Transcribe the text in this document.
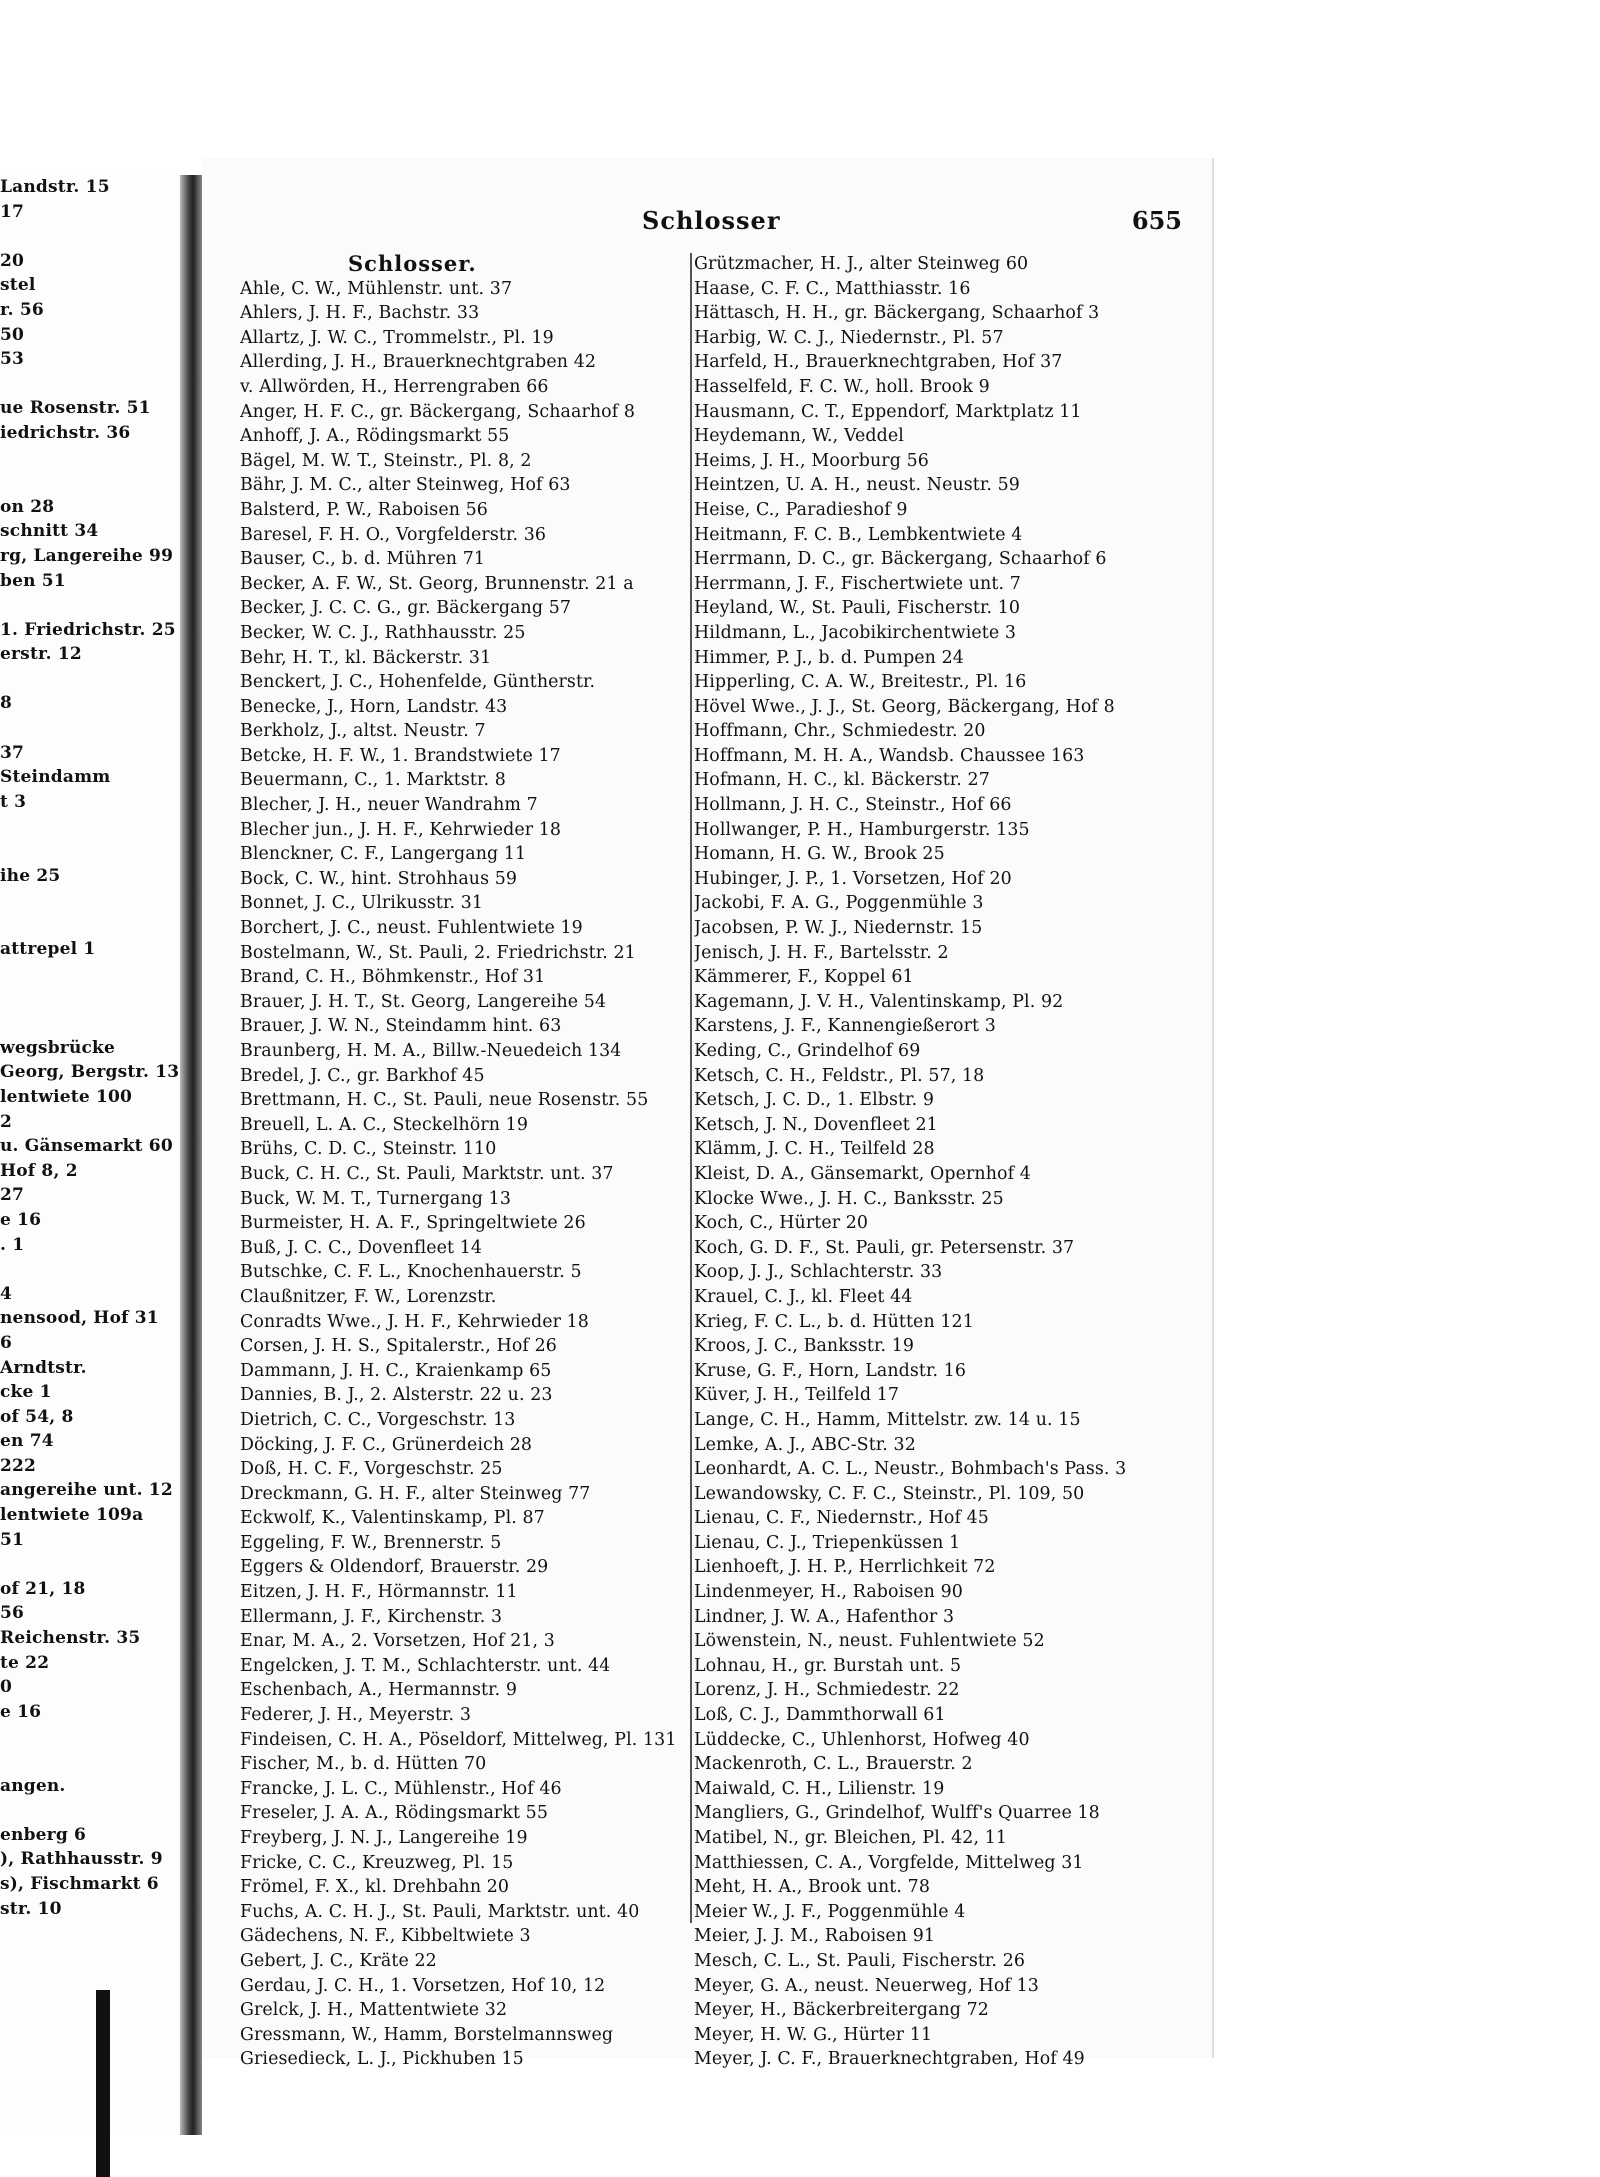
Landstr. 15
17
20
stel
r. 56
50
53
ue Rosenstr. 51
iedrichstr. 36
on 28
schnitt 34
rg, Langereihe 99
ben 51
1. Friedrichstr. 25
erstr. 12
8
37
Steindamm
t 3
ihe 25
attrepel 1
wegsbrücke
Georg, Bergstr. 13
lentwiete 100
2
u. Gänsemarkt 60
Hof 8, 2
27
e 16
. 1
4
nensood, Hof 31
6
Arndtstr.
cke 1
of 54, 8
en 74
222
angereihe unt. 12
lentwiete 109a
51
of 21, 18
56
Reichenstr. 35
te 22
0
e 16
angen.
enberg 6
), Rathhausstr. 9
s), Fischmarkt 6
str. 10
Schlosser	655
Schlosser.
Ahle, C. W., Mühlenstr. unt. 37
Ahlers, J. H. F., Bachstr. 33
Allartz, J. W. C., Trommelstr., Pl. 19
Allerding, J. H., Brauerknechtgraben 42
v. Allwörden, H., Herrengraben 66
Anger, H. F. C., gr. Bäckergang, Schaarhof 8
Anhoff, J. A., Rödingsmarkt 55
Bägel, M. W. T., Steinstr., Pl. 8, 2
Bähr, J. M. C., alter Steinweg, Hof 63
Balsterd, P. W., Raboisen 56
Baresel, F. H. O., Vorgfelderstr. 36
Bauser, C., b. d. Mühren 71
Becker, A. F. W., St. Georg, Brunnenstr. 21 a
Becker, J. C. C. G., gr. Bäckergang 57
Becker, W. C. J., Rathhausstr. 25
Behr, H. T., kl. Bäckerstr. 31
Benckert, J. C., Hohenfelde, Güntherstr.
Benecke, J., Horn, Landstr. 43
Berkholz, J., altst. Neustr. 7
Betcke, H. F. W., 1. Brandstwiete 17
Beuermann, C., 1. Marktstr. 8
Blecher, J. H., neuer Wandrahm 7
Blecher jun., J. H. F., Kehrwieder 18
Blenckner, C. F., Langergang 11
Bock, C. W., hint. Strohhaus 59
Bonnet, J. C., Ulrikusstr. 31
Borchert, J. C., neust. Fuhlentwiete 19
Bostelmann, W., St. Pauli, 2. Friedrichstr. 21
Brand, C. H., Böhmkenstr., Hof 31
Brauer, J. H. T., St. Georg, Langereihe 54
Brauer, J. W. N., Steindamm hint. 63
Braunberg, H. M. A., Billw.-Neuedeich 134
Bredel, J. C., gr. Barkhof 45
Brettmann, H. C., St. Pauli, neue Rosenstr. 55
Breuell, L. A. C., Steckelhörn 19
Brühs, C. D. C., Steinstr. 110
Buck, C. H. C., St. Pauli, Marktstr. unt. 37
Buck, W. M. T., Turnergang 13
Burmeister, H. A. F., Springeltwiete 26
Buß, J. C. C., Dovenfleet 14
Butschke, C. F. L., Knochenhauerstr. 5
Claußnitzer, F. W., Lorenzstr.
Conradts Wwe., J. H. F., Kehrwieder 18
Corsen, J. H. S., Spitalerstr., Hof 26
Dammann, J. H. C., Kraienkamp 65
Dannies, B. J., 2. Alsterstr. 22 u. 23
Dietrich, C. C., Vorgeschstr. 13
Döcking, J. F. C., Grünerdeich 28
Doß, H. C. F., Vorgeschstr. 25
Dreckmann, G. H. F., alter Steinweg 77
Eckwolf, K., Valentinskamp, Pl. 87
Eggeling, F. W., Brennerstr. 5
Eggers & Oldendorf, Brauerstr. 29
Eitzen, J. H. F., Hörmannstr. 11
Ellermann, J. F., Kirchenstr. 3
Enar, M. A., 2. Vorsetzen, Hof 21, 3
Engelcken, J. T. M., Schlachterstr. unt. 44
Eschenbach, A., Hermannstr. 9
Federer, J. H., Meyerstr. 3
Findeisen, C. H. A., Pöseldorf, Mittelweg, Pl. 131
Fischer, M., b. d. Hütten 70
Francke, J. L. C., Mühlenstr., Hof 46
Freseler, J. A. A., Rödingsmarkt 55
Freyberg, J. N. J., Langereihe 19
Fricke, C. C., Kreuzweg, Pl. 15
Frömel, F. X., kl. Drehbahn 20
Fuchs, A. C. H. J., St. Pauli, Marktstr. unt. 40
Gädechens, N. F., Kibbeltwiete 3
Gebert, J. C., Kräte 22
Gerdau, J. C. H., 1. Vorsetzen, Hof 10, 12
Grelck, J. H., Mattentwiete 32
Gressmann, W., Hamm, Borstelmannsweg
Griesedieck, L. J., Pickhuben 15
Grützmacher, H. J., alter Steinweg 60
Haase, C. F. C., Matthiasstr. 16
Hättasch, H. H., gr. Bäckergang, Schaarhof 3
Harbig, W. C. J., Niedernstr., Pl. 57
Harfeld, H., Brauerknechtgraben, Hof 37
Hasselfeld, F. C. W., holl. Brook 9
Hausmann, C. T., Eppendorf, Marktplatz 11
Heydemann, W., Veddel
Heims, J. H., Moorburg 56
Heintzen, U. A. H., neust. Neustr. 59
Heise, C., Paradieshof 9
Heitmann, F. C. B., Lembkentwiete 4
Herrmann, D. C., gr. Bäckergang, Schaarhof 6
Herrmann, J. F., Fischertwiete unt. 7
Heyland, W., St. Pauli, Fischerstr. 10
Hildmann, L., Jacobikirchentwiete 3
Himmer, P. J., b. d. Pumpen 24
Hipperling, C. A. W., Breitestr., Pl. 16
Hövel Wwe., J. J., St. Georg, Bäckergang, Hof 8
Hoffmann, Chr., Schmiedestr. 20
Hoffmann, M. H. A., Wandsb. Chaussee 163
Hofmann, H. C., kl. Bäckerstr. 27
Hollmann, J. H. C., Steinstr., Hof 66
Hollwanger, P. H., Hamburgerstr. 135
Homann, H. G. W., Brook 25
Hubinger, J. P., 1. Vorsetzen, Hof 20
Jackobi, F. A. G., Poggenmühle 3
Jacobsen, P. W. J., Niedernstr. 15
Jenisch, J. H. F., Bartelsstr. 2
Kämmerer, F., Koppel 61
Kagemann, J. V. H., Valentinskamp, Pl. 92
Karstens, J. F., Kannengießerort 3
Keding, C., Grindelhof 69
Ketsch, C. H., Feldstr., Pl. 57, 18
Ketsch, J. C. D., 1. Elbstr. 9
Ketsch, J. N., Dovenfleet 21
Klämm, J. C. H., Teilfeld 28
Kleist, D. A., Gänsemarkt, Opernhof 4
Klocke Wwe., J. H. C., Banksstr. 25
Koch, C., Hürter 20
Koch, G. D. F., St. Pauli, gr. Petersenstr. 37
Koop, J. J., Schlachterstr. 33
Krauel, C. J., kl. Fleet 44
Krieg, F. C. L., b. d. Hütten 121
Kroos, J. C., Banksstr. 19
Kruse, G. F., Horn, Landstr. 16
Küver, J. H., Teilfeld 17
Lange, C. H., Hamm, Mittelstr. zw. 14 u. 15
Lemke, A. J., ABC-Str. 32
Leonhardt, A. C. L., Neustr., Bohmbach's Pass. 3
Lewandowsky, C. F. C., Steinstr., Pl. 109, 50
Lienau, C. F., Niedernstr., Hof 45
Lienau, C. J., Triepenküssen 1
Lienhoeft, J. H. P., Herrlichkeit 72
Lindenmeyer, H., Raboisen 90
Lindner, J. W. A., Hafenthor 3
Löwenstein, N., neust. Fuhlentwiete 52
Lohnau, H., gr. Burstah unt. 5
Lorenz, J. H., Schmiedestr. 22
Loß, C. J., Dammthorwall 61
Lüddecke, C., Uhlenhorst, Hofweg 40
Mackenroth, C. L., Brauerstr. 2
Maiwald, C. H., Lilienstr. 19
Mangliers, G., Grindelhof, Wulff's Quarree 18
Matibel, N., gr. Bleichen, Pl. 42, 11
Matthiessen, C. A., Vorgfelde, Mittelweg 31
Meht, H. A., Brook unt. 78
Meier W., J. F., Poggenmühle 4
Meier, J. J. M., Raboisen 91
Mesch, C. L., St. Pauli, Fischerstr. 26
Meyer, G. A., neust. Neuerweg, Hof 13
Meyer, H., Bäckerbreitergang 72
Meyer, H. W. G., Hürter 11
Meyer, J. C. F., Brauerknechtgraben, Hof 49
